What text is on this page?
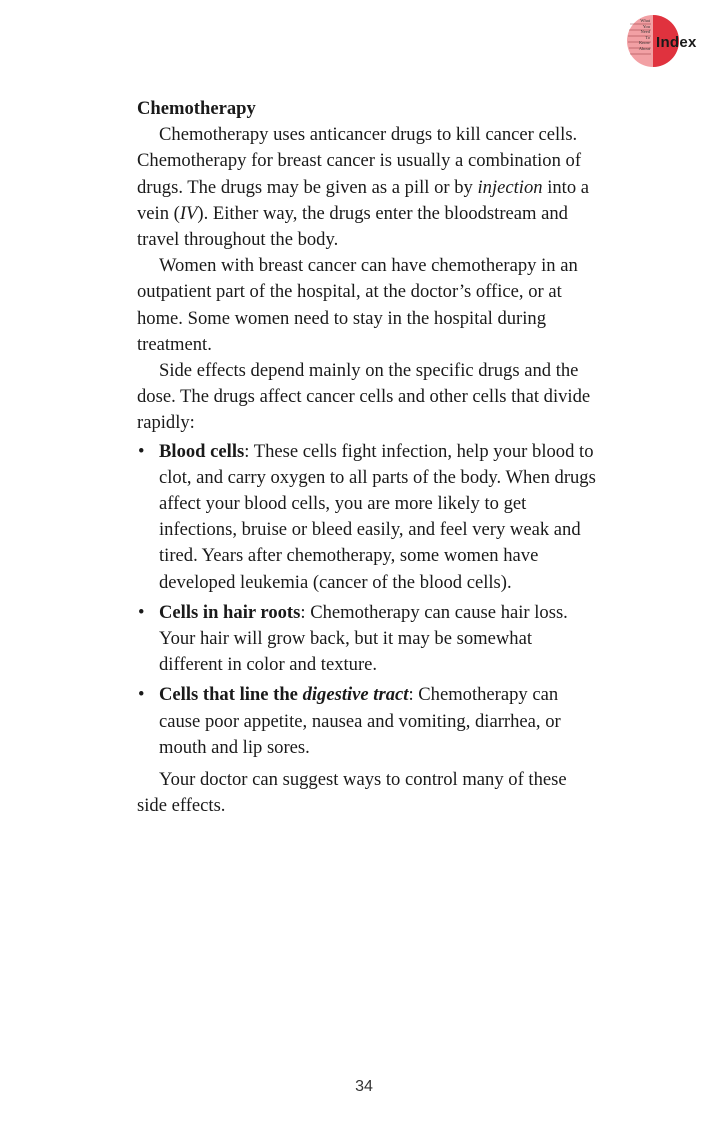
What
You
Need
To
Know
About Index
Chemotherapy

Chemotherapy uses anticancer drugs to kill cancer cells. Chemotherapy for breast cancer is usually a combination of drugs. The drugs may be given as a pill or by injection into a vein (IV). Either way, the drugs enter the bloodstream and travel throughout the body.

Women with breast cancer can have chemotherapy in an outpatient part of the hospital, at the doctor’s office, or at home. Some women need to stay in the hospital during treatment.

Side effects depend mainly on the specific drugs and the dose. The drugs affect cancer cells and other cells that divide rapidly:

• Blood cells: These cells fight infection, help your blood to clot, and carry oxygen to all parts of the body. When drugs affect your blood cells, you are more likely to get infections, bruise or bleed easily, and feel very weak and tired. Years after chemotherapy, some women have developed leukemia (cancer of the blood cells).
• Cells in hair roots: Chemotherapy can cause hair loss. Your hair will grow back, but it may be somewhat different in color and texture.
• Cells that line the digestive tract: Chemotherapy can cause poor appetite, nausea and vomiting, diarrhea, or mouth and lip sores.

Your doctor can suggest ways to control many of these side effects.

34
